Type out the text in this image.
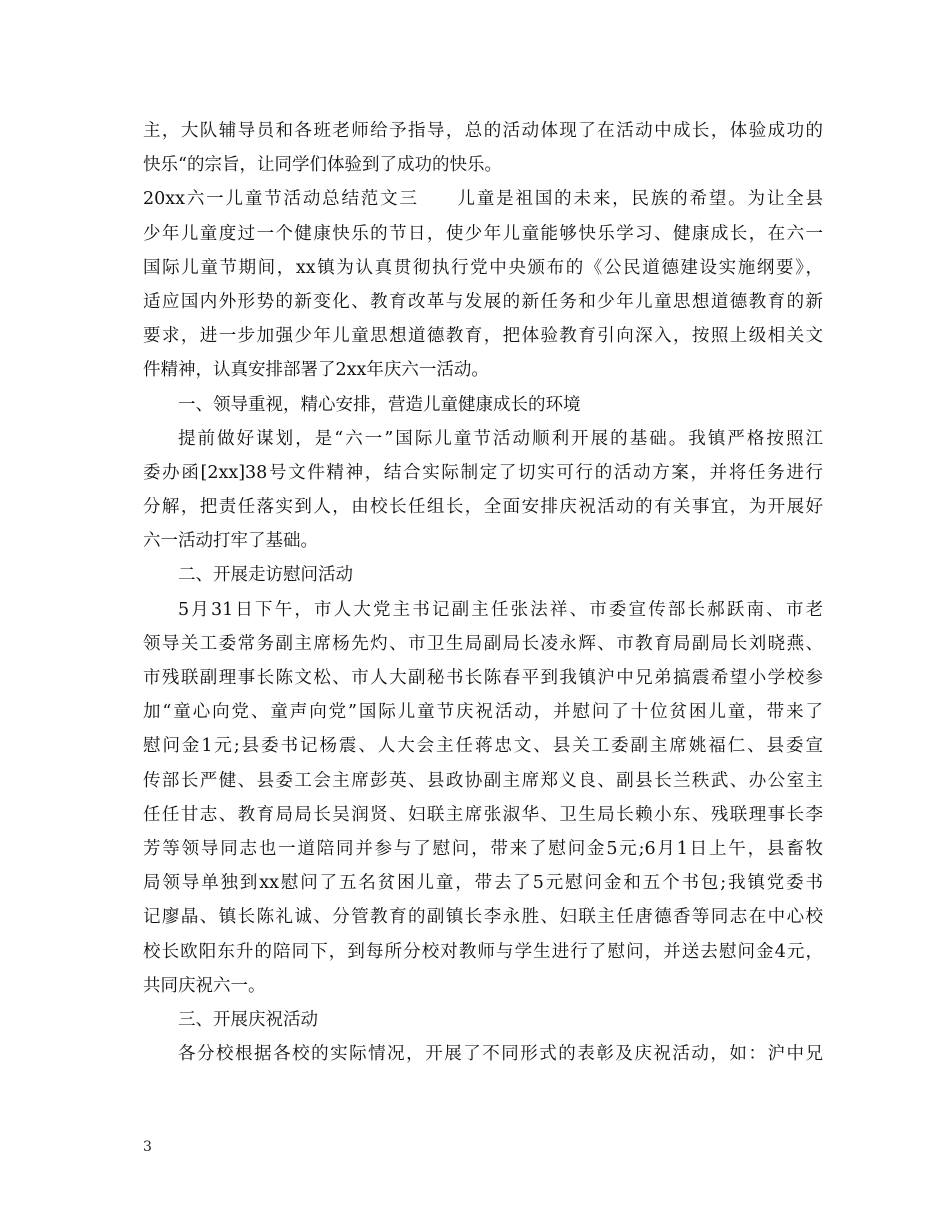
主，大队辅导员和各班老师给予指导，总的活动体现了在活动中成长，体验成功的
快乐“的宗旨，让同学们体验到了成功的快乐。
20xx六一儿童节活动总结范文三　　儿童是祖国的未来，民族的希望。为让全县
少年儿童度过一个健康快乐的节日，使少年儿童能够快乐学习、健康成长，在六一
国际儿童节期间，xx镇为认真贯彻执行党中央颁布的《公民道德建设实施纲要》，
适应国内外形势的新变化、教育改革与发展的新任务和少年儿童思想道德教育的新
要求，进一步加强少年儿童思想道德教育，把体验教育引向深入，按照上级相关文
件精神，认真安排部署了2xx年庆六一活动。
一、领导重视，精心安排，营造儿童健康成长的环境
提前做好谋划，是“六一”国际儿童节活动顺利开展的基础。我镇严格按照江
委办函[2xx]38号文件精神，结合实际制定了切实可行的活动方案，并将任务进行
分解，把责任落实到人，由校长任组长，全面安排庆祝活动的有关事宜，为开展好
六一活动打牢了基础。
二、开展走访慰问活动
5月31日下午，市人大党主书记副主任张法祥、市委宣传部长郝跃南、市老
领导关工委常务副主席杨先灼、市卫生局副局长凌永辉、市教育局副局长刘晓燕、
市残联副理事长陈文松、市人大副秘书长陈春平到我镇沪中兄弟搞震希望小学校参
加“童心向党、童声向党”国际儿童节庆祝活动，并慰问了十位贫困儿童，带来了
慰问金1元;县委书记杨震、人大会主任蒋忠文、县关工委副主席姚福仁、县委宣
传部长严健、县委工会主席彭英、县政协副主席郑义良、副县长兰秩武、办公室主
任任甘志、教育局局长吴润贤、妇联主席张淑华、卫生局长赖小东、残联理事长李
芳等领导同志也一道陪同并参与了慰问，带来了慰问金5元;6月1日上午，县畜牧
局领导单独到xx慰问了五名贫困儿童，带去了5元慰问金和五个书包;我镇党委书
记廖晶、镇长陈礼诚、分管教育的副镇长李永胜、妇联主任唐德香等同志在中心校
校长欧阳东升的陪同下，到每所分校对教师与学生进行了慰问，并送去慰问金4元，
共同庆祝六一。
三、开展庆祝活动
各分校根据各校的实际情况，开展了不同形式的表彰及庆祝活动，如：沪中兄
3
